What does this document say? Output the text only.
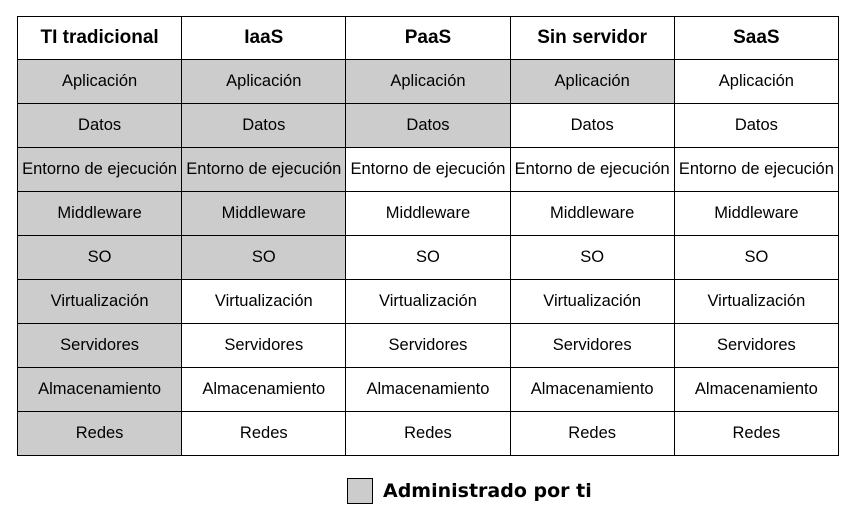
TI tradicional	IaaS	PaaS	Sin servidor	SaaS
Aplicación	Aplicación	Aplicación	Aplicación	Aplicación
Datos	Datos	Datos	Datos	Datos
Entorno de ejecución	Entorno de ejecución	Entorno de ejecución	Entorno de ejecución	Entorno de ejecución
Middleware	Middleware	Middleware	Middleware	Middleware
SO	SO	SO	SO	SO
Virtualización	Virtualización	Virtualización	Virtualización	Virtualización
Servidores	Servidores	Servidores	Servidores	Servidores
Almacenamiento	Almacenamiento	Almacenamiento	Almacenamiento	Almacenamiento
Redes	Redes	Redes	Redes	Redes
Administrado por ti
